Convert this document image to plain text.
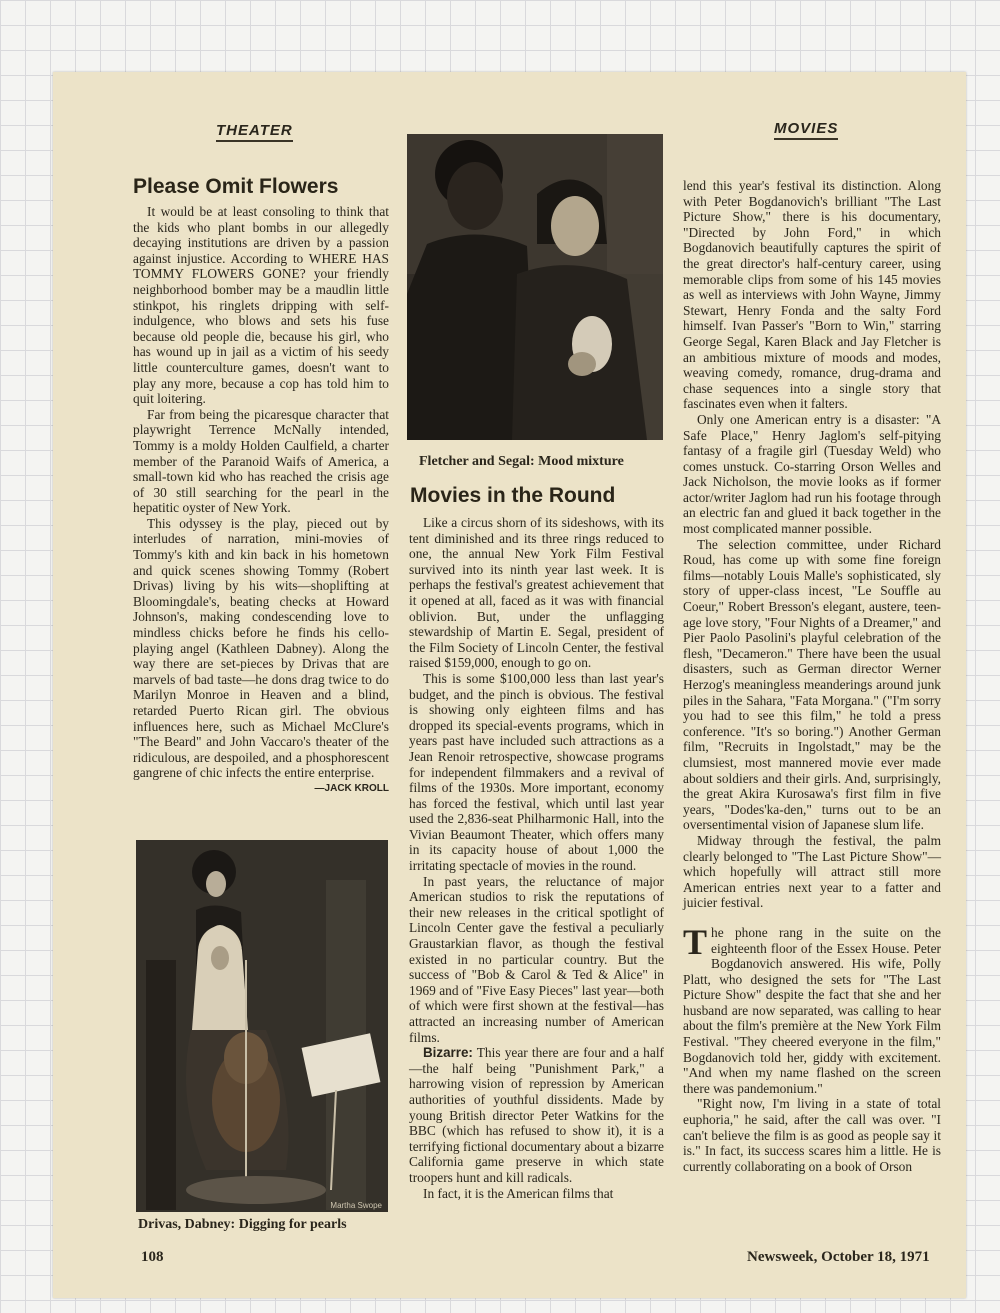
THEATER	MOVIES
Please Omit Flowers

It would be at least consoling to think that the kids who plant bombs in our allegedly decaying institutions are driven by a passion against injustice. According to WHERE HAS TOMMY FLOWERS GONE? your friendly neighborhood bomber may be a maudlin little stinkpot, his ringlets dripping with self-indulgence, who blows and sets his fuse because old people die, because his girl, who has wound up in jail as a victim of his seedy little counterculture games, doesn't want to play any more, because a cop has told him to quit loitering.

Far from being the picaresque character that playwright Terrence McNally intended, Tommy is a moldy Holden Caulfield, a charter member of the Paranoid Waifs of America, a small-town kid who has reached the crisis age of 30 still searching for the pearl in the hepatitic oyster of New York.

This odyssey is the play, pieced out by interludes of narration, mini-movies of Tommy's kith and kin back in his hometown and quick scenes showing Tommy (Robert Drivas) living by his wits—shoplifting at Bloomingdale's, beating checks at Howard Johnson's, making condescending love to mindless chicks before he finds his cello-playing angel (Kathleen Dabney). Along the way there are set-pieces by Drivas that are marvels of bad taste—he dons drag twice to do Marilyn Monroe in Heaven and a blind, retarded Puerto Rican girl. The obvious influences here, such as Michael McClure's "The Beard" and John Vaccaro's theater of the ridiculous, are despoiled, and a phosphorescent gangrene of chic infects the entire enterprise.

—JACK KROLL
Martha Swope
Drivas, Dabney: Digging for pearls
Fletcher and Segal: Mood mixture
Movies in the Round

Like a circus shorn of its sideshows, with its tent diminished and its three rings reduced to one, the annual New York Film Festival survived into its ninth year last week. It is perhaps the festival's greatest achievement that it opened at all, faced as it was with financial oblivion. But, under the unflagging stewardship of Martin E. Segal, president of the Film Society of Lincoln Center, the festival raised $159,000, enough to go on.

This is some $100,000 less than last year's budget, and the pinch is obvious. The festival is showing only eighteen films and has dropped its special-events programs, which in years past have included such attractions as a Jean Renoir retrospective, showcase programs for independent filmmakers and a revival of films of the 1930s. More important, economy has forced the festival, which until last year used the 2,836-seat Philharmonic Hall, into the Vivian Beaumont Theater, which offers many in its capacity house of about 1,000 the irritating spectacle of movies in the round.

In past years, the reluctance of major American studios to risk the reputations of their new releases in the critical spotlight of Lincoln Center gave the festival a peculiarly Graustarkian flavor, as though the festival existed in no particular country. But the success of "Bob & Carol & Ted & Alice" in 1969 and of "Five Easy Pieces" last year—both of which were first shown at the festival—has attracted an increasing number of American films.

Bizarre: This year there are four and a half—the half being "Punishment Park," a harrowing vision of repression by American authorities of youthful dissidents. Made by young British director Peter Watkins for the BBC (which has refused to show it), it is a terrifying fictional documentary about a bizarre California game preserve in which state troopers hunt and kill radicals.

In fact, it is the American films that

lend this year's festival its distinction. Along with Peter Bogdanovich's brilliant "The Last Picture Show," there is his documentary, "Directed by John Ford," in which Bogdanovich beautifully captures the spirit of the great director's half-century career, using memorable clips from some of his 145 movies as well as interviews with John Wayne, Jimmy Stewart, Henry Fonda and the salty Ford himself. Ivan Passer's "Born to Win," starring George Segal, Karen Black and Jay Fletcher is an ambitious mixture of moods and modes, weaving comedy, romance, drug-drama and chase sequences into a single story that fascinates even when it falters.

Only one American entry is a disaster: "A Safe Place," Henry Jaglom's self-pitying fantasy of a fragile girl (Tuesday Weld) who comes unstuck. Co-starring Orson Welles and Jack Nicholson, the movie looks as if former actor/writer Jaglom had run his footage through an electric fan and glued it back together in the most complicated manner possible.

The selection committee, under Richard Roud, has come up with some fine foreign films—notably Louis Malle's sophisticated, sly story of upper-class incest, "Le Souffle au Coeur," Robert Bresson's elegant, austere, teen-age love story, "Four Nights of a Dreamer," and Pier Paolo Pasolini's playful celebration of the flesh, "Decameron." There have been the usual disasters, such as German director Werner Herzog's meaningless meanderings around junk piles in the Sahara, "Fata Morgana." ("I'm sorry you had to see this film," he told a press conference. "It's so boring.") Another German film, "Recruits in Ingolstadt," may be the clumsiest, most mannered movie ever made about soldiers and their girls. And, surprisingly, the great Akira Kurosawa's first film in five years, "Dodes'ka-den," turns out to be an oversentimental vision of Japanese slum life.

Midway through the festival, the palm clearly belonged to "The Last Picture Show"—which hopefully will attract still more American entries next year to a fatter and juicier festival.

The phone rang in the suite on the eighteenth floor of the Essex House. Peter Bogdanovich answered. His wife, Polly Platt, who designed the sets for "The Last Picture Show" despite the fact that she and her husband are now separated, was calling to hear about the film's première at the New York Film Festival. "They cheered everyone in the film," Bogdanovich told her, giddy with excitement. "And when my name flashed on the screen there was pandemonium."

"Right now, I'm living in a state of total euphoria," he said, after the call was over. "I can't believe the film is as good as people say it is." In fact, its success scares him a little. He is currently collaborating on a book of Orson

108	Newsweek, October 18, 1971
